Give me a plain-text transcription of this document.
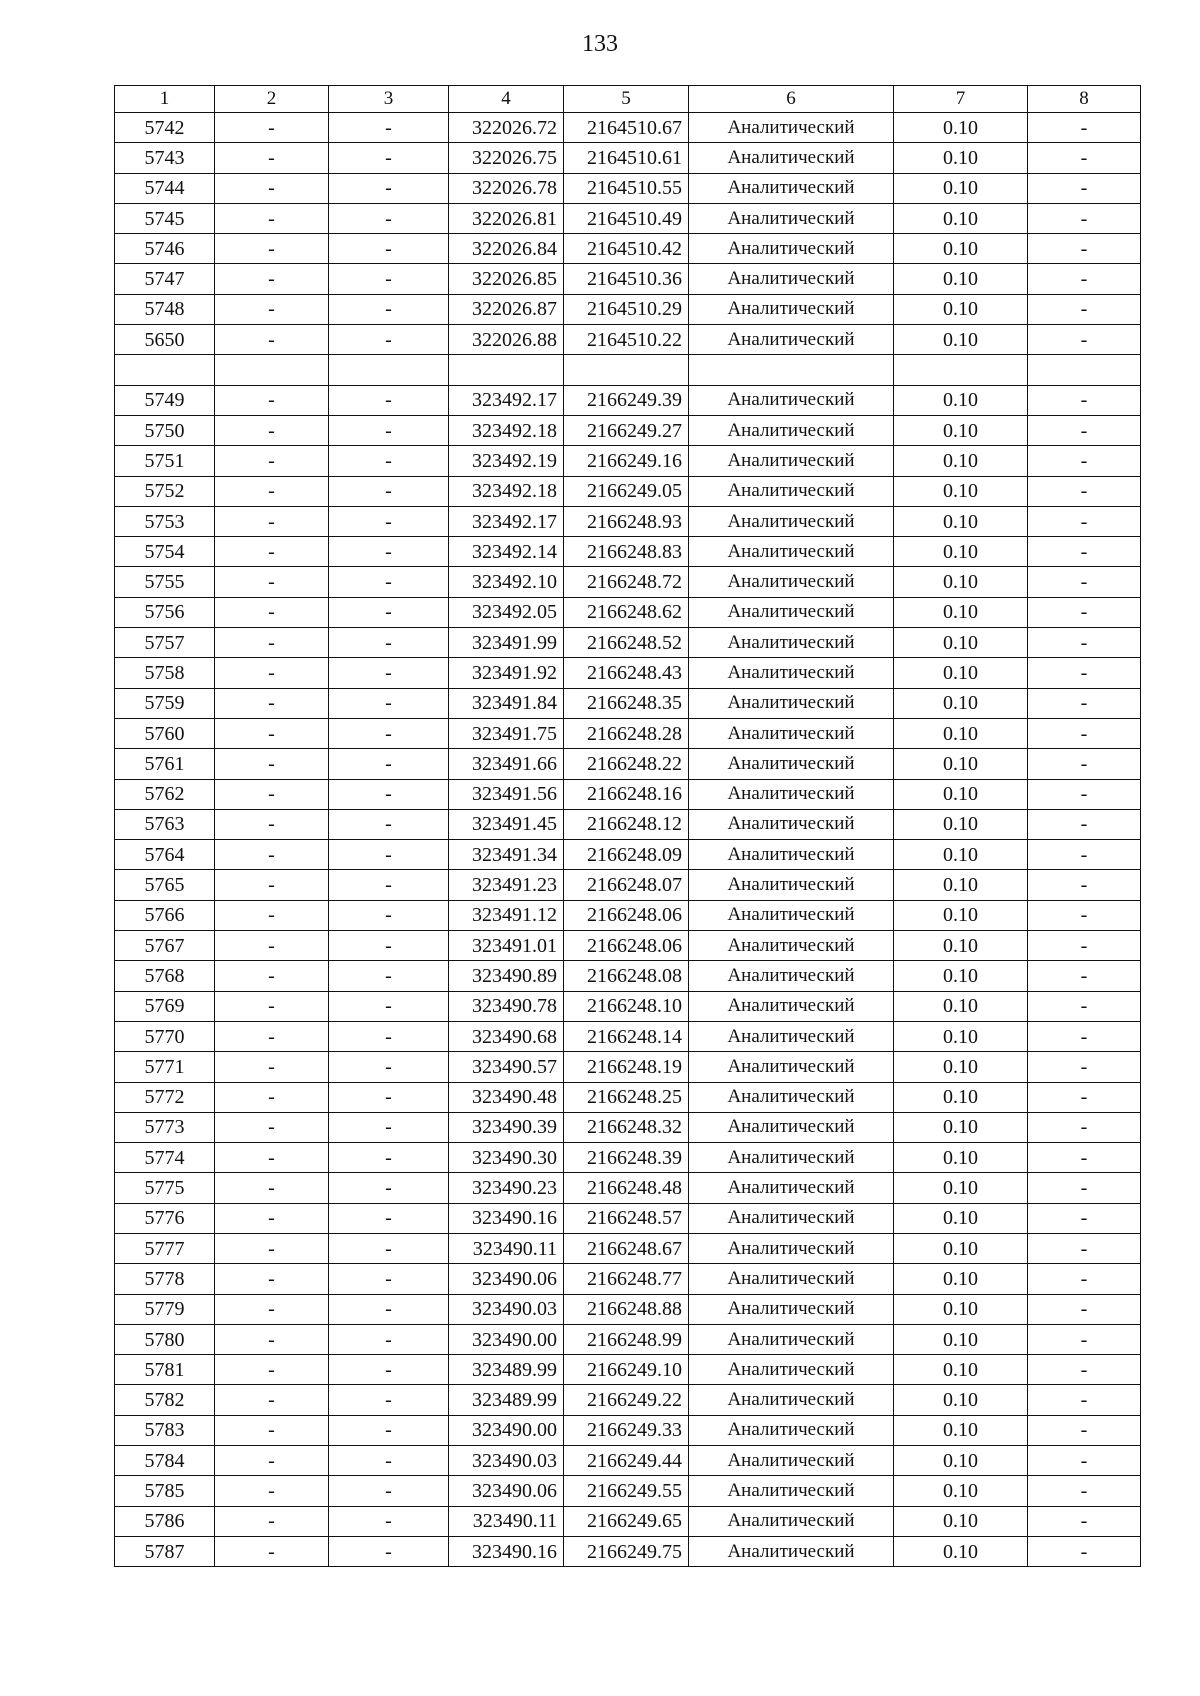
133
1	2	3	4	5	6	7	8
5742	-	-	322026.72	2164510.67	Аналитический	0.10	-
5743	-	-	322026.75	2164510.61	Аналитический	0.10	-
5744	-	-	322026.78	2164510.55	Аналитический	0.10	-
5745	-	-	322026.81	2164510.49	Аналитический	0.10	-
5746	-	-	322026.84	2164510.42	Аналитический	0.10	-
5747	-	-	322026.85	2164510.36	Аналитический	0.10	-
5748	-	-	322026.87	2164510.29	Аналитический	0.10	-
5650	-	-	322026.88	2164510.22	Аналитический	0.10	-

5749	-	-	323492.17	2166249.39	Аналитический	0.10	-
5750	-	-	323492.18	2166249.27	Аналитический	0.10	-
5751	-	-	323492.19	2166249.16	Аналитический	0.10	-
5752	-	-	323492.18	2166249.05	Аналитический	0.10	-
5753	-	-	323492.17	2166248.93	Аналитический	0.10	-
5754	-	-	323492.14	2166248.83	Аналитический	0.10	-
5755	-	-	323492.10	2166248.72	Аналитический	0.10	-
5756	-	-	323492.05	2166248.62	Аналитический	0.10	-
5757	-	-	323491.99	2166248.52	Аналитический	0.10	-
5758	-	-	323491.92	2166248.43	Аналитический	0.10	-
5759	-	-	323491.84	2166248.35	Аналитический	0.10	-
5760	-	-	323491.75	2166248.28	Аналитический	0.10	-
5761	-	-	323491.66	2166248.22	Аналитический	0.10	-
5762	-	-	323491.56	2166248.16	Аналитический	0.10	-
5763	-	-	323491.45	2166248.12	Аналитический	0.10	-
5764	-	-	323491.34	2166248.09	Аналитический	0.10	-
5765	-	-	323491.23	2166248.07	Аналитический	0.10	-
5766	-	-	323491.12	2166248.06	Аналитический	0.10	-
5767	-	-	323491.01	2166248.06	Аналитический	0.10	-
5768	-	-	323490.89	2166248.08	Аналитический	0.10	-
5769	-	-	323490.78	2166248.10	Аналитический	0.10	-
5770	-	-	323490.68	2166248.14	Аналитический	0.10	-
5771	-	-	323490.57	2166248.19	Аналитический	0.10	-
5772	-	-	323490.48	2166248.25	Аналитический	0.10	-
5773	-	-	323490.39	2166248.32	Аналитический	0.10	-
5774	-	-	323490.30	2166248.39	Аналитический	0.10	-
5775	-	-	323490.23	2166248.48	Аналитический	0.10	-
5776	-	-	323490.16	2166248.57	Аналитический	0.10	-
5777	-	-	323490.11	2166248.67	Аналитический	0.10	-
5778	-	-	323490.06	2166248.77	Аналитический	0.10	-
5779	-	-	323490.03	2166248.88	Аналитический	0.10	-
5780	-	-	323490.00	2166248.99	Аналитический	0.10	-
5781	-	-	323489.99	2166249.10	Аналитический	0.10	-
5782	-	-	323489.99	2166249.22	Аналитический	0.10	-
5783	-	-	323490.00	2166249.33	Аналитический	0.10	-
5784	-	-	323490.03	2166249.44	Аналитический	0.10	-
5785	-	-	323490.06	2166249.55	Аналитический	0.10	-
5786	-	-	323490.11	2166249.65	Аналитический	0.10	-
5787	-	-	323490.16	2166249.75	Аналитический	0.10	-
